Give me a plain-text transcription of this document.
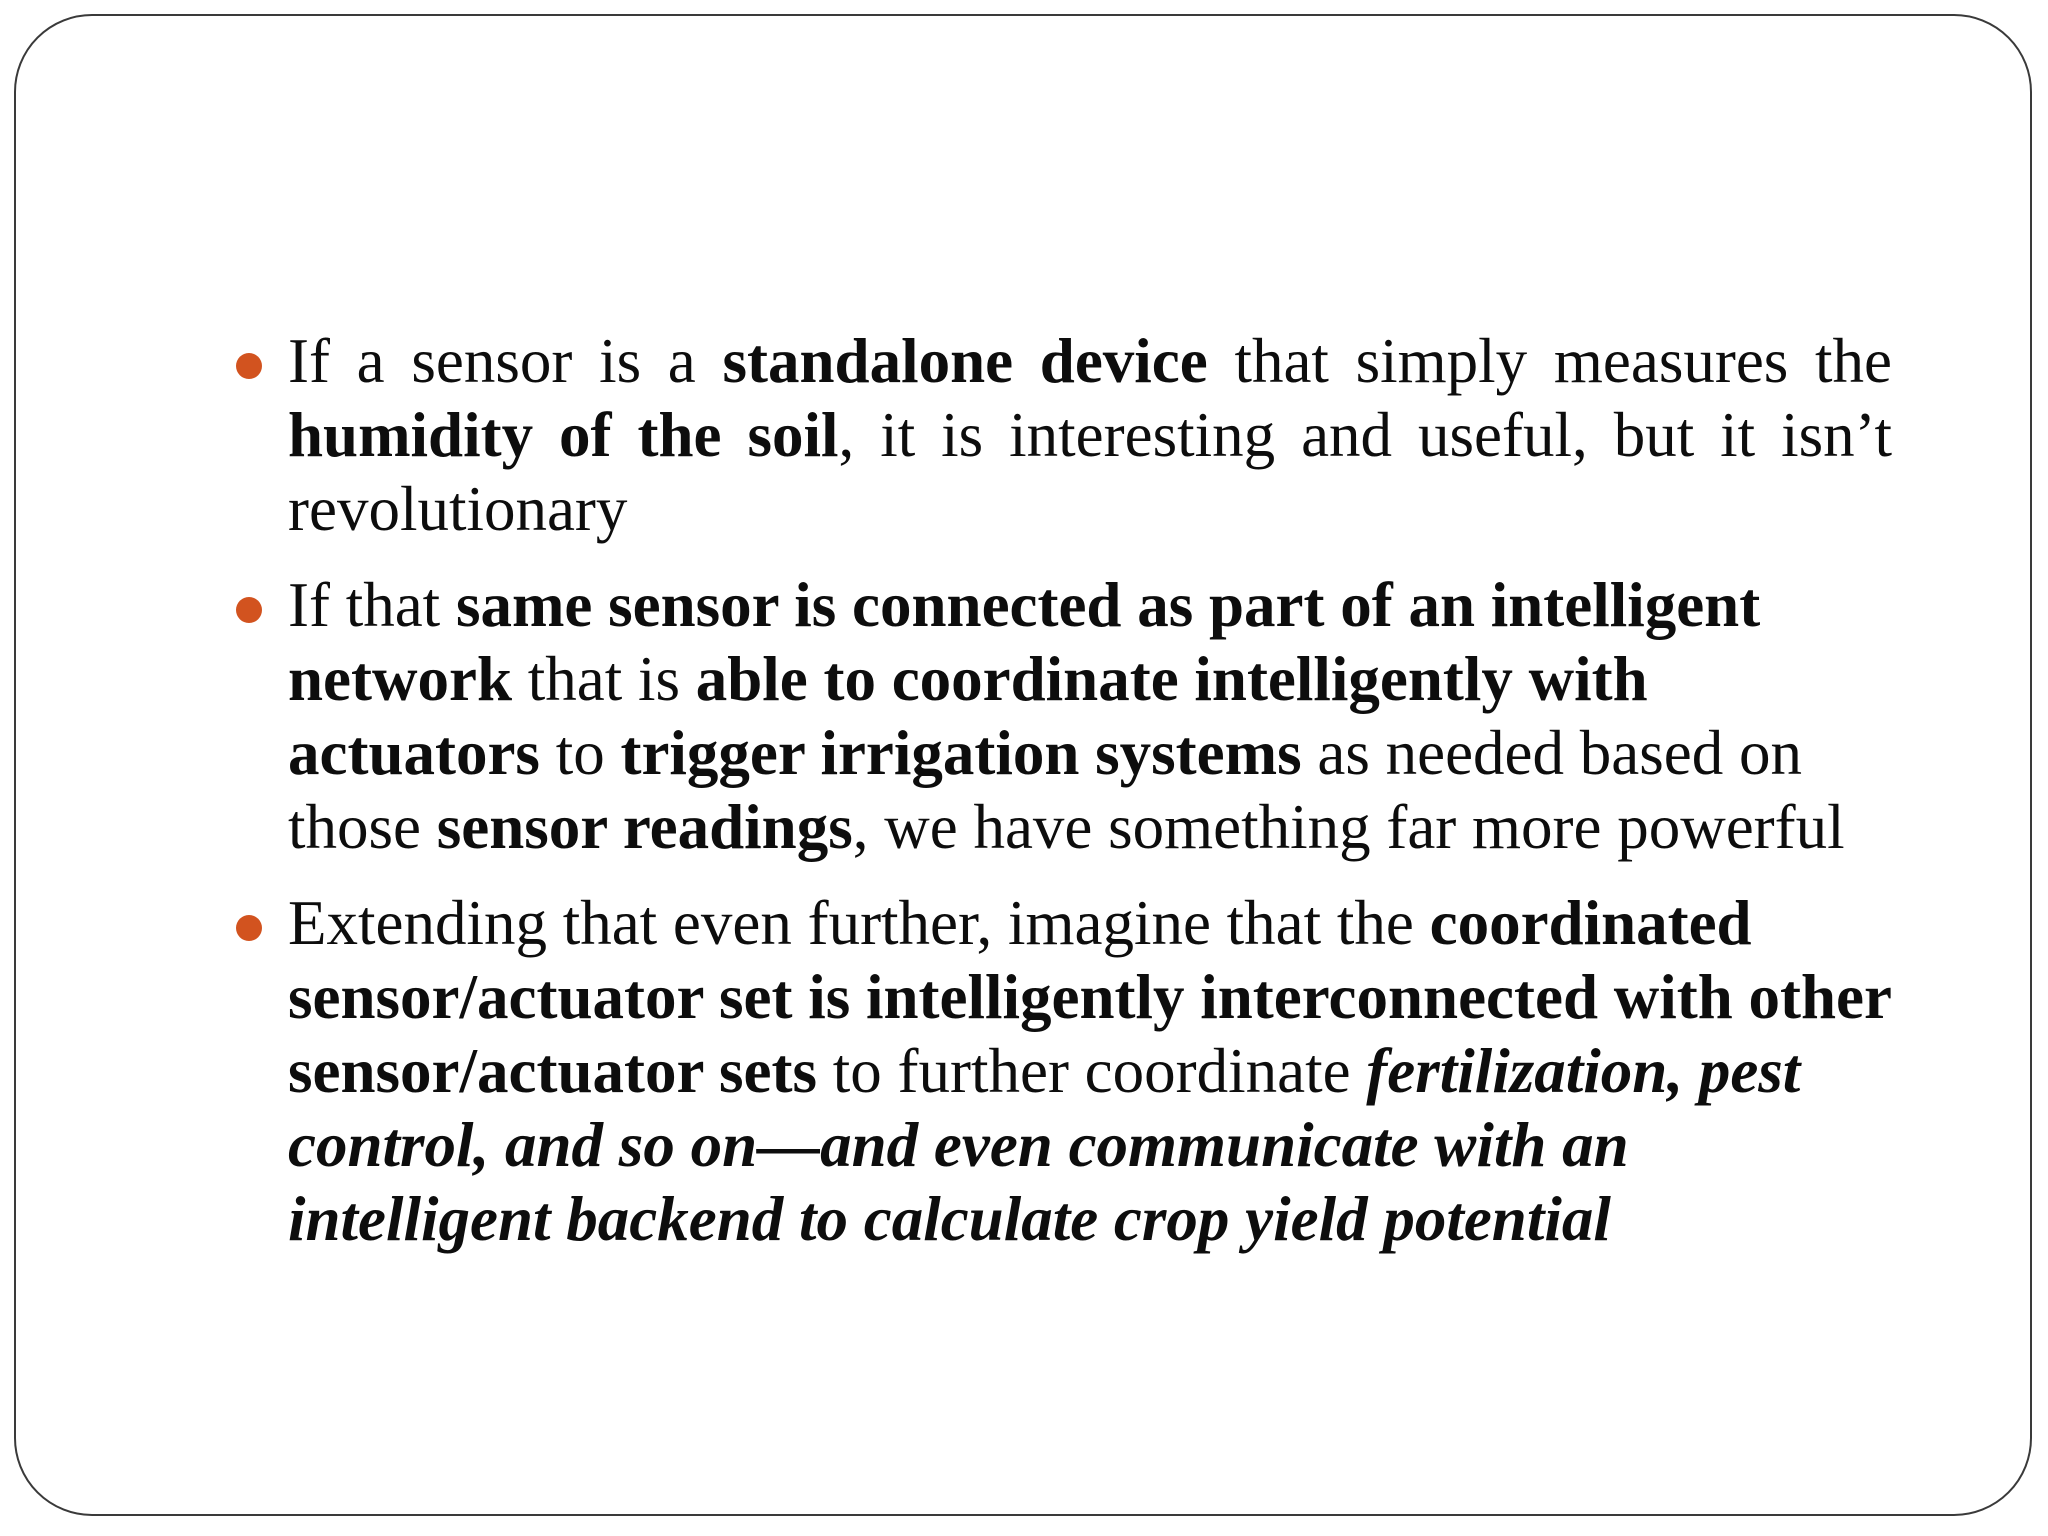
If a sensor is a standalone device that simply measures the humidity of the soil, it is interesting and useful, but it isn’t revolutionary
If that same sensor is connected as part of an intelligent network that is able to coordinate intelligently with actuators to trigger irrigation systems as needed based on those sensor readings, we have something far more powerful
Extending that even further, imagine that the coordinated sensor/actuator set is intelligently interconnected with other sensor/actuator sets to further coordinate fertilization, pest control, and so on—and even communicate with an intelligent backend to calculate crop yield potential
